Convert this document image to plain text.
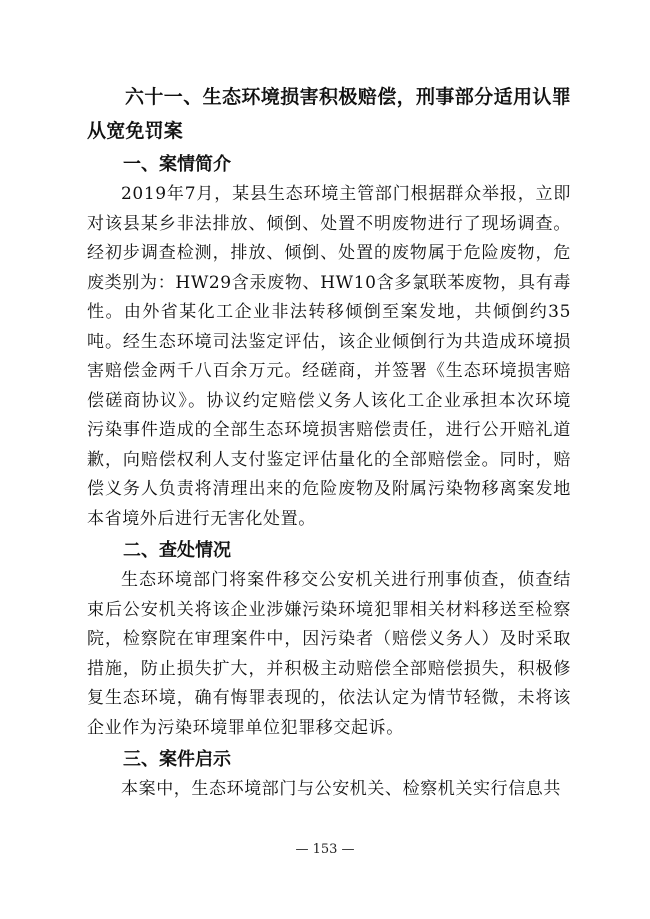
六十一、生态环境损害积极赔偿，刑事部分适用认罪从宽免罚案

一、案情简介

2019年7月，某县生态环境主管部门根据群众举报，立即对该县某乡非法排放、倾倒、处置不明废物进行了现场调查。经初步调查检测，排放、倾倒、处置的废物属于危险废物，危废类别为：HW29含汞废物、HW10含多氯联苯废物，具有毒性。由外省某化工企业非法转移倾倒至案发地，共倾倒约35吨。经生态环境司法鉴定评估，该企业倾倒行为共造成环境损害赔偿金两千八百余万元。经磋商，并签署《生态环境损害赔偿磋商协议》。协议约定赔偿义务人该化工企业承担本次环境污染事件造成的全部生态环境损害赔偿责任，进行公开赔礼道歉，向赔偿权利人支付鉴定评估量化的全部赔偿金。同时，赔偿义务人负责将清理出来的危险废物及附属污染物移离案发地本省境外后进行无害化处置。

二、查处情况

生态环境部门将案件移交公安机关进行刑事侦查，侦查结束后公安机关将该企业涉嫌污染环境犯罪相关材料移送至检察院，检察院在审理案件中，因污染者（赔偿义务人）及时采取措施，防止损失扩大，并积极主动赔偿全部赔偿损失，积极修复生态环境，确有悔罪表现的，依法认定为情节轻微，未将该企业作为污染环境罪单位犯罪移交起诉。

三、案件启示

本案中，生态环境部门与公安机关、检察机关实行信息共

— 153 —
